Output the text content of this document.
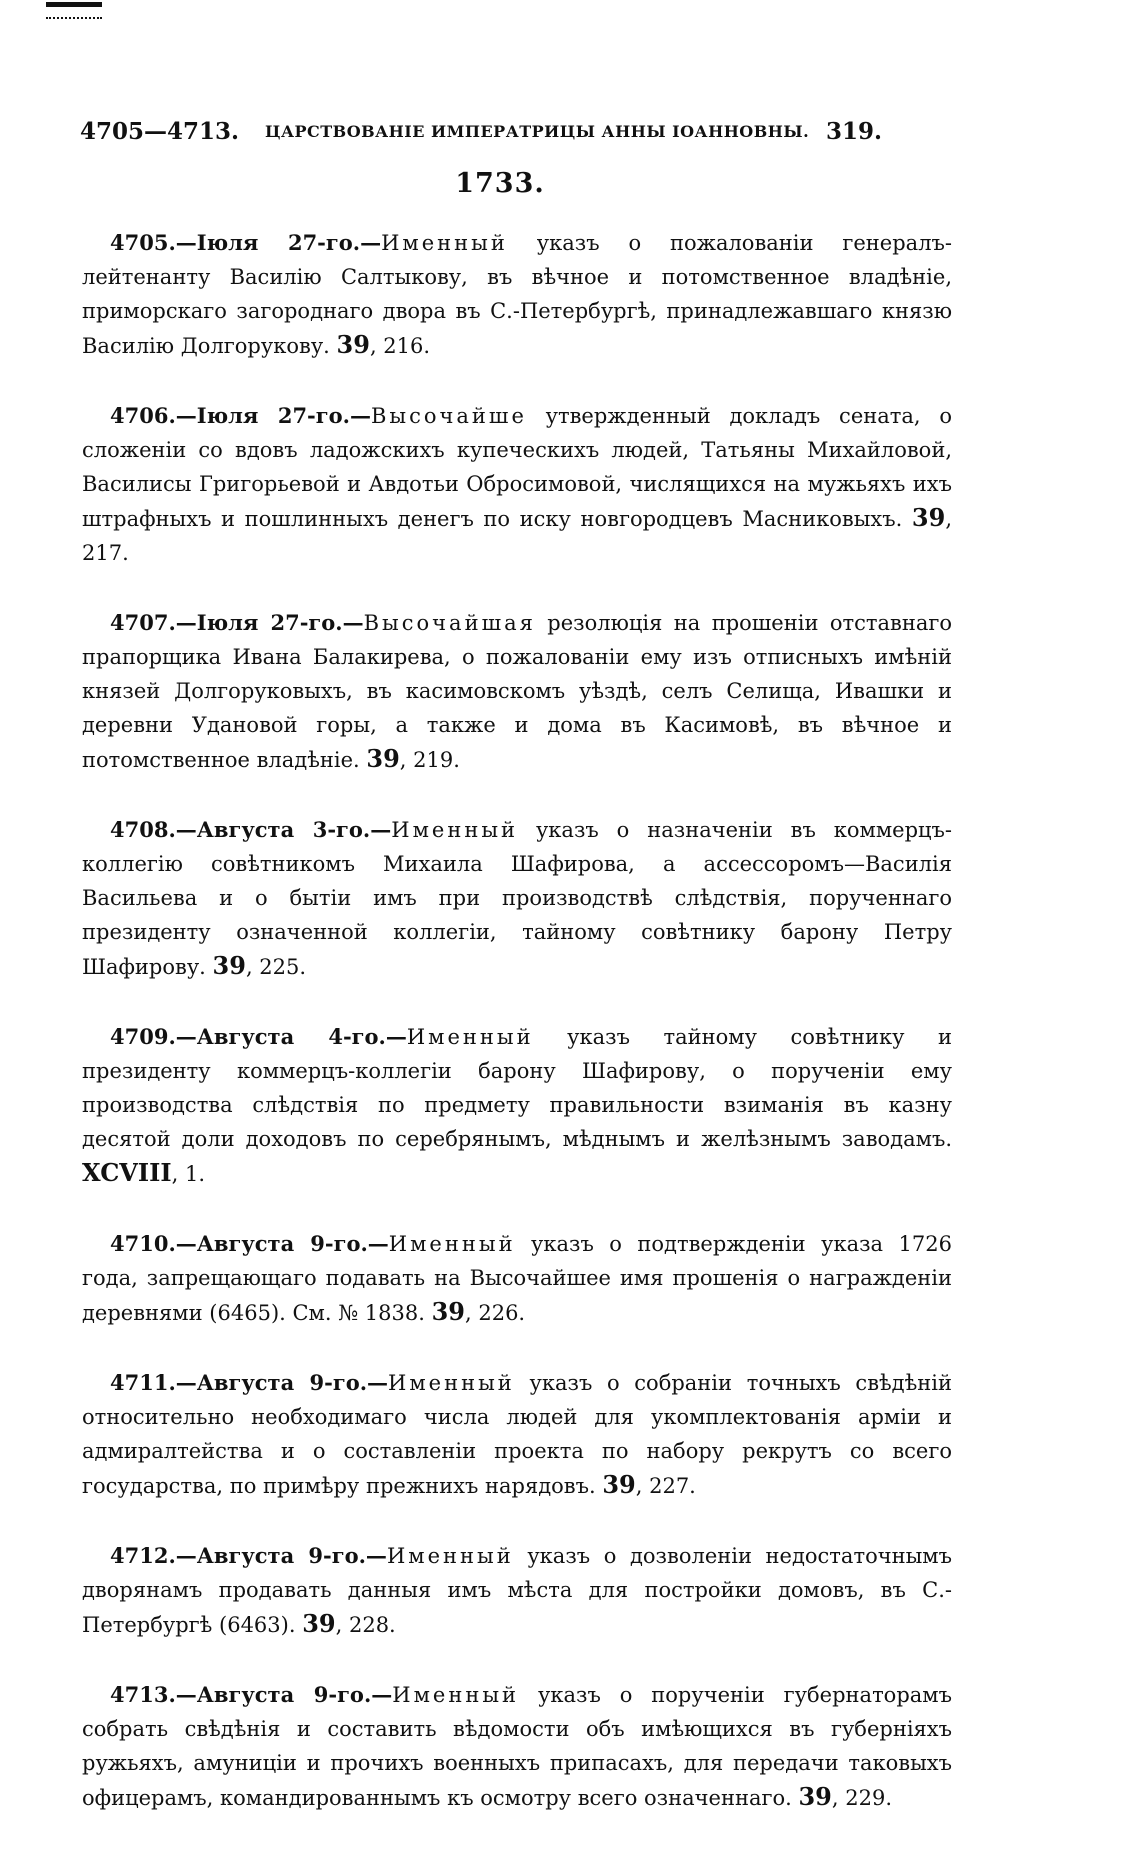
4705—4713. ЦАРСТВОВАНІЕ ИМПЕРАТРИЦЫ АННЫ ІОАННОВНЫ. 319.
1733.

4705.—Іюля 27-го.—Именный указъ о пожалованіи генералъ-лейтенанту Василію Салтыкову, въ вѣчное и потомственное владѣніе, приморскаго загороднаго двора въ С.-Петербургѣ, принадлежавшаго князю Василію Долгорукову. 39, 216.

4706.—Іюля 27-го.—Высочайше утвержденный докладъ сената, о сложеніи со вдовъ ладожскихъ купеческихъ людей, Татьяны Михайловой, Василисы Григорьевой и Авдотьи Обросимовой, числящихся на мужьяхъ ихъ штрафныхъ и пошлинныхъ денегъ по иску новгородцевъ Масниковыхъ. 39, 217.

4707.—Іюля 27-го.—Высочайшая резолюція на прошеніи отставнаго прапорщика Ивана Балакирева, о пожалованіи ему изъ отписныхъ имѣній князей Долгоруковыхъ, въ касимовскомъ уѣздѣ, селъ Селища, Ивашки и деревни Удановой горы, а также и дома въ Касимовѣ, въ вѣчное и потомственное владѣніе. 39, 219.

4708.—Августа 3-го.—Именный указъ о назначеніи въ коммерцъ-коллегію совѣтникомъ Михаила Шафирова, а ассессоромъ—Василія Васильева и о бытіи имъ при производствѣ слѣдствія, порученнаго президенту означенной коллегіи, тайному совѣтнику барону Петру Шафирову. 39, 225.

4709.—Августа 4-го.—Именный указъ тайному совѣтнику и президенту коммерцъ-коллегіи барону Шафирову, о порученіи ему производства слѣдствія по предмету правильности взиманія въ казну десятой доли доходовъ по серебрянымъ, мѣднымъ и желѣзнымъ заводамъ. XCVIII, 1.

4710.—Августа 9-го.—Именный указъ о подтвержденіи указа 1726 года, запрещающаго подавать на Высочайшее имя прошенія о награжденіи деревнями (6465). См. № 1838. 39, 226.

4711.—Августа 9-го.—Именный указъ о собраніи точныхъ свѣдѣній относительно необходимаго числа людей для укомплектованія арміи и адмиралтейства и о составленіи проекта по набору рекрутъ со всего государства, по примѣру прежнихъ нарядовъ. 39, 227.

4712.—Августа 9-го.—Именный указъ о дозволеніи недостаточнымъ дворянамъ продавать данныя имъ мѣста для постройки домовъ, въ С.-Петербургѣ (6463). 39, 228.

4713.—Августа 9-го.—Именный указъ о порученіи губернаторамъ собрать свѣдѣнія и составить вѣдомости объ имѣющихся въ губерніяхъ ружьяхъ, амуниціи и прочихъ военныхъ припасахъ, для передачи таковыхъ офицерамъ, командированнымъ къ осмотру всего означеннаго. 39, 229.
